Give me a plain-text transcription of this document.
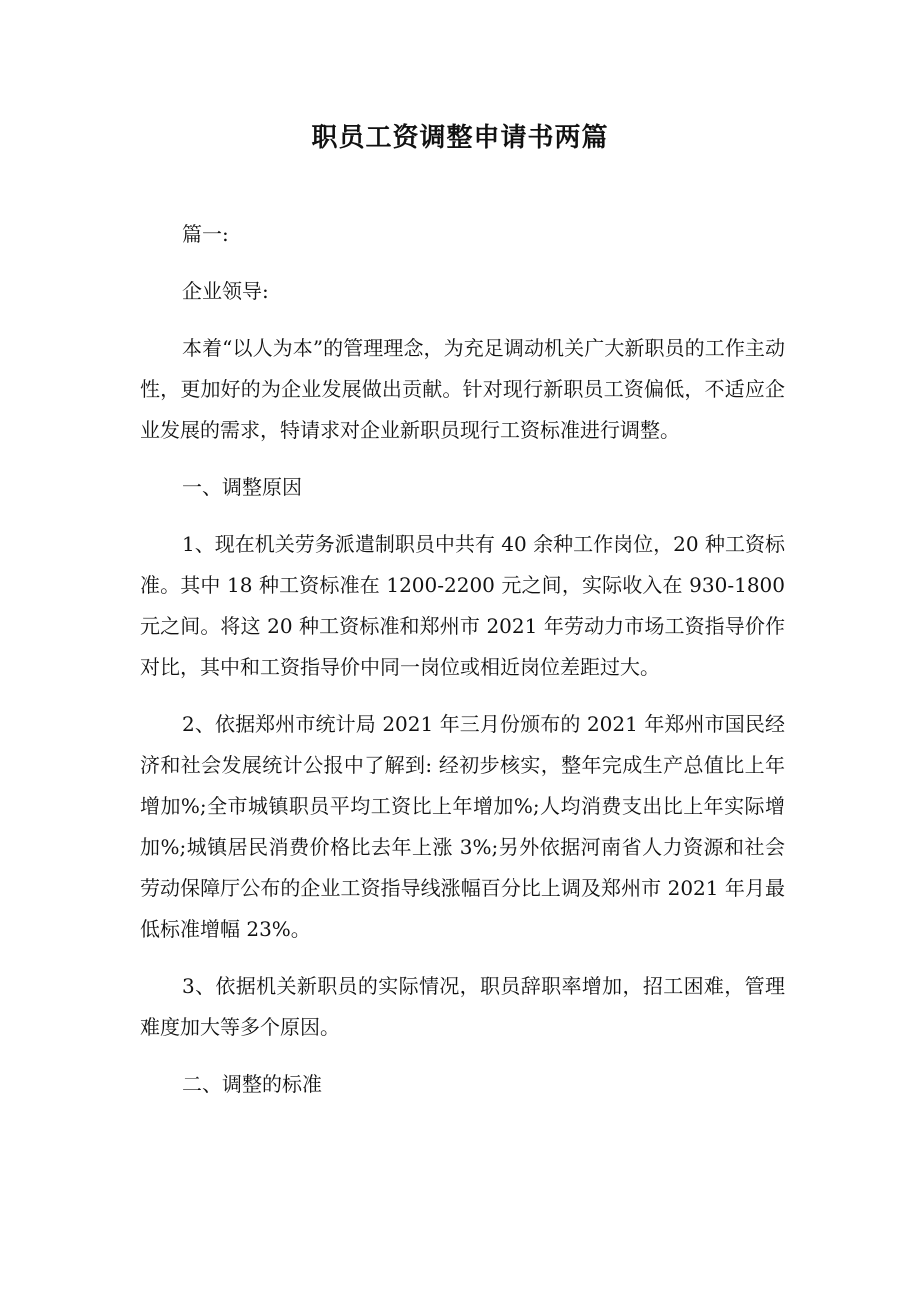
职员工资调整申请书两篇

篇一:

企业领导:

本着“以人为本”的管理理念，为充足调动机关广大新职员的工作主动性，更加好的为企业发展做出贡献。针对现行新职员工资偏低，不适应企业发展的需求，特请求对企业新职员现行工资标准进行调整。

一、调整原因

1、现在机关劳务派遣制职员中共有 40 余种工作岗位，20 种工资标准。其中 18 种工资标准在 1200-2200 元之间，实际收入在 930-1800 元之间。将这 20 种工资标准和郑州市 2021 年劳动力市场工资指导价作对比，其中和工资指导价中同一岗位或相近岗位差距过大。

2、依据郑州市统计局 2021 年三月份颁布的 2021 年郑州市国民经济和社会发展统计公报中了解到: 经初步核实，整年完成生产总值比上年增加%;全市城镇职员平均工资比上年增加%;人均消费支出比上年实际增加%;城镇居民消费价格比去年上涨 3%;另外依据河南省人力资源和社会劳动保障厅公布的企业工资指导线涨幅百分比上调及郑州市 2021 年月最低标准增幅 23%。

3、依据机关新职员的实际情况，职员辞职率增加，招工困难，管理难度加大等多个原因。

二、调整的标准
